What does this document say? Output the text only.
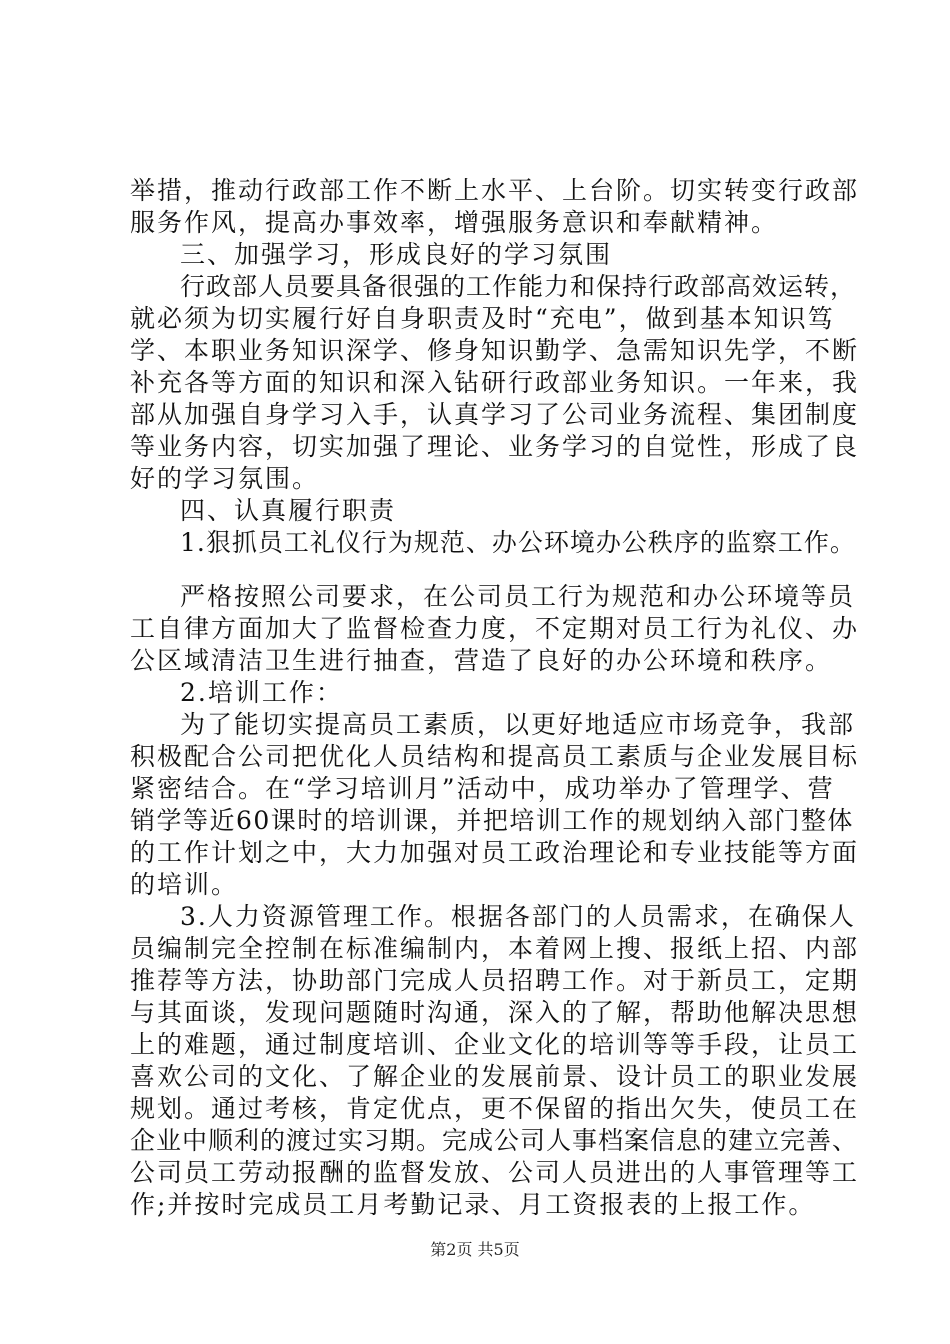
举措，推动行政部工作不断上水平、上台阶。切实转变行政部
服务作风，提高办事效率，增强服务意识和奉献精神。
三、加强学习，形成良好的学习氛围
行政部人员要具备很强的工作能力和保持行政部高效运转，
就必须为切实履行好自身职责及时“充电”，做到基本知识笃
学、本职业务知识深学、修身知识勤学、急需知识先学，不断
补充各等方面的知识和深入钻研行政部业务知识。一年来，我
部从加强自身学习入手，认真学习了公司业务流程、集团制度
等业务内容，切实加强了理论、业务学习的自觉性，形成了良
好的学习氛围。
四、认真履行职责
1.狠抓员工礼仪行为规范、办公环境办公秩序的监察工作。
严格按照公司要求，在公司员工行为规范和办公环境等员
工自律方面加大了监督检查力度，不定期对员工行为礼仪、办
公区域清洁卫生进行抽查，营造了良好的办公环境和秩序。
2.培训工作：
为了能切实提高员工素质，以更好地适应市场竞争，我部
积极配合公司把优化人员结构和提高员工素质与企业发展目标
紧密结合。在“学习培训月”活动中，成功举办了管理学、营
销学等近60课时的培训课，并把培训工作的规划纳入部门整体
的工作计划之中，大力加强对员工政治理论和专业技能等方面
的培训。
3.人力资源管理工作。根据各部门的人员需求，在确保人
员编制完全控制在标准编制内，本着网上搜、报纸上招、内部
推荐等方法，协助部门完成人员招聘工作。对于新员工，定期
与其面谈，发现问题随时沟通，深入的了解，帮助他解决思想
上的难题，通过制度培训、企业文化的培训等等手段，让员工
喜欢公司的文化、了解企业的发展前景、设计员工的职业发展
规划。通过考核，肯定优点，更不保留的指出欠失，使员工在
企业中顺利的渡过实习期。完成公司人事档案信息的建立完善、
公司员工劳动报酬的监督发放、公司人员进出的人事管理等工
作;并按时完成员工月考勤记录、月工资报表的上报工作。
第2页 共5页
